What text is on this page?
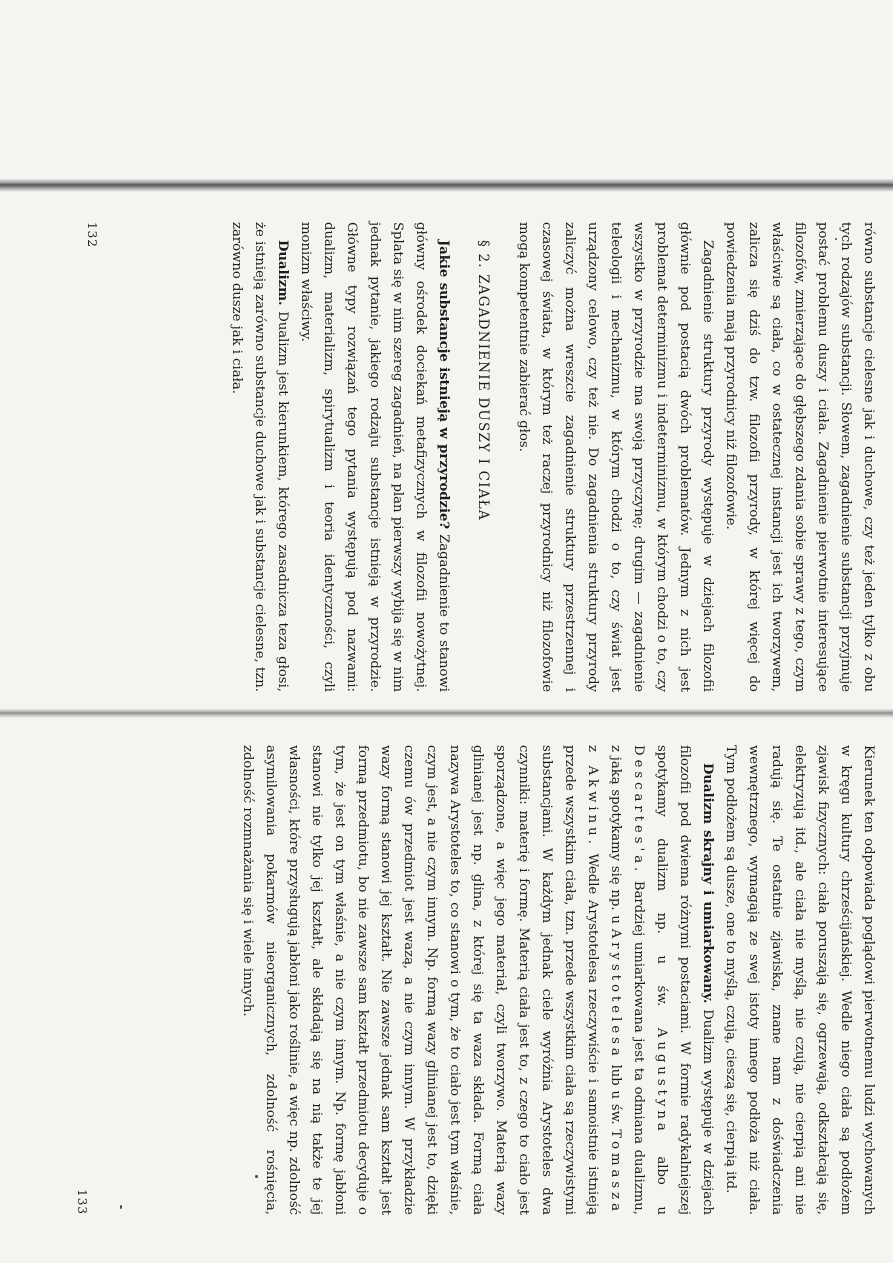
równo substancje cielesne jak i duchowe, czy też jeden tylko z obu tych rodzajów substancji. Słowem, zagadnienie substancji przyjmuje postać problemu duszy i ciała. Zagadnienie pierwotnie interesujące filozofów, zmierzające do głębszego zdania sobie sprawy z tego, czym właściwie są ciała, co w ostatecznej instancji jest ich tworzywem, zalicza się dziś do tzw. filozofii przyrody, w której więcej do powiedzenia mają przyrodnicy niż filozofowie.

Zagadnienie struktury przyrody występuje w dziejach filozofii głównie pod postacią dwóch problematów. Jednym z nich jest problemat determinizmu i indeterminizmu, w którym chodzi o to, czy wszystko w przyrodzie ma swoją przyczynę; drugim — zagadnienie teleologii i mechanizmu, w którym chodzi o to, czy świat jest urządzony celowo, czy też nie. Do zagadnienia struktury przyrody zaliczyć można wreszcie zagadnienie struktury przestrzennej i czasowej świata, w którym też raczej przyrodnicy niż filozofowie mogą kompetentnie zabierać głos.

§ 2. ZAGADNIENIE DUSZY I CIAŁA

Jakie substancje istnieją w przyrodzie? Zagadnienie to stanowi główny ośrodek dociekań metafizycznych w filozofii nowożytnej. Splata się w nim szereg zagadnień, na plan pierwszy wybija się w nim jednak pytanie, jakiego rodzaju substancje istnieją w przyrodzie. Główne typy rozwiązań tego pytania występują pod nazwami: dualizm, materializm, spirytualizm i teoria identyczności, czyli monizm właściwy.

Dualizm. Dualizm jest kierunkiem, którego zasadnicza teza głosi, że istnieją zarówno substancje duchowe jak i substancje cielesne, tzn. zarówno dusze jak i ciała.

132

Kierunek ten odpowiada poglądowi pierwotnemu ludzi wychowanych w kręgu kultury chrześcijańskiej. Wedle niego ciała są podłożem zjawisk fizycznych: ciała poruszają się, ogrzewają, odkształcają się, elektryzują itd., ale ciała nie myślą, nie czują, nie cierpią ani nie radują się. Te ostatnie zjawiska, znane nam z doświadczenia wewnętrznego, wymagają ze swej istoty innego podłoża niż ciała. Tym podłożem są dusze, one to myślą, czują, cieszą się, cierpią itd.

Dualizm skrajny i umiarkowany. Dualizm występuje w dziejach filozofii pod dwiema różnymi postaciami. W formie radykalniejszej spotykamy dualizm np. u św. Augustyna albo u Descartes'a. Bardziej umiarkowana jest ta odmiana dualizmu, z jaką spotykamy się np. u Arystotelesa lub u św. Tomasza z Akwinu. Wedle Arystotelesa rzeczywiście i samoistnie istnieją przede wszystkim ciała, tzn. przede wszystkim ciała są rzeczywistymi substancjami. W każdym jednak ciele wyróżnia Arystoteles dwa czynniki: materię i formę. Materią ciała jest to, z czego to ciało jest sporządzone, a więc jego materiał, czyli tworzywo. Materią wazy glinianej jest np. glina, z której się ta waza składa. Formą ciała nazywa Arystoteles to, co stanowi o tym, że to ciało jest tym właśnie, czym jest, a nie czym innym. Np. formą wazy glinianej jest to, dzięki czemu ów przedmiot jest wazą, a nie czym innym. W przykładzie wazy formą stanowi jej kształt. Nie zawsze jednak sam kształt jest formą przedmiotu, bo nie zawsze sam kształt przedmiotu decyduje o tym, że jest on tym właśnie, a nie czym innym. Np. formę jabłoni stanowi nie tylko jej kształt, ale składają się na nią także te jej własności, które przysługują jabłoni jako roślinie, a więc np. zdolność asymilowania pokarmów nieorganicznych, zdolność rośnięcia, zdolność rozmnażania się i wiele innych.

133
